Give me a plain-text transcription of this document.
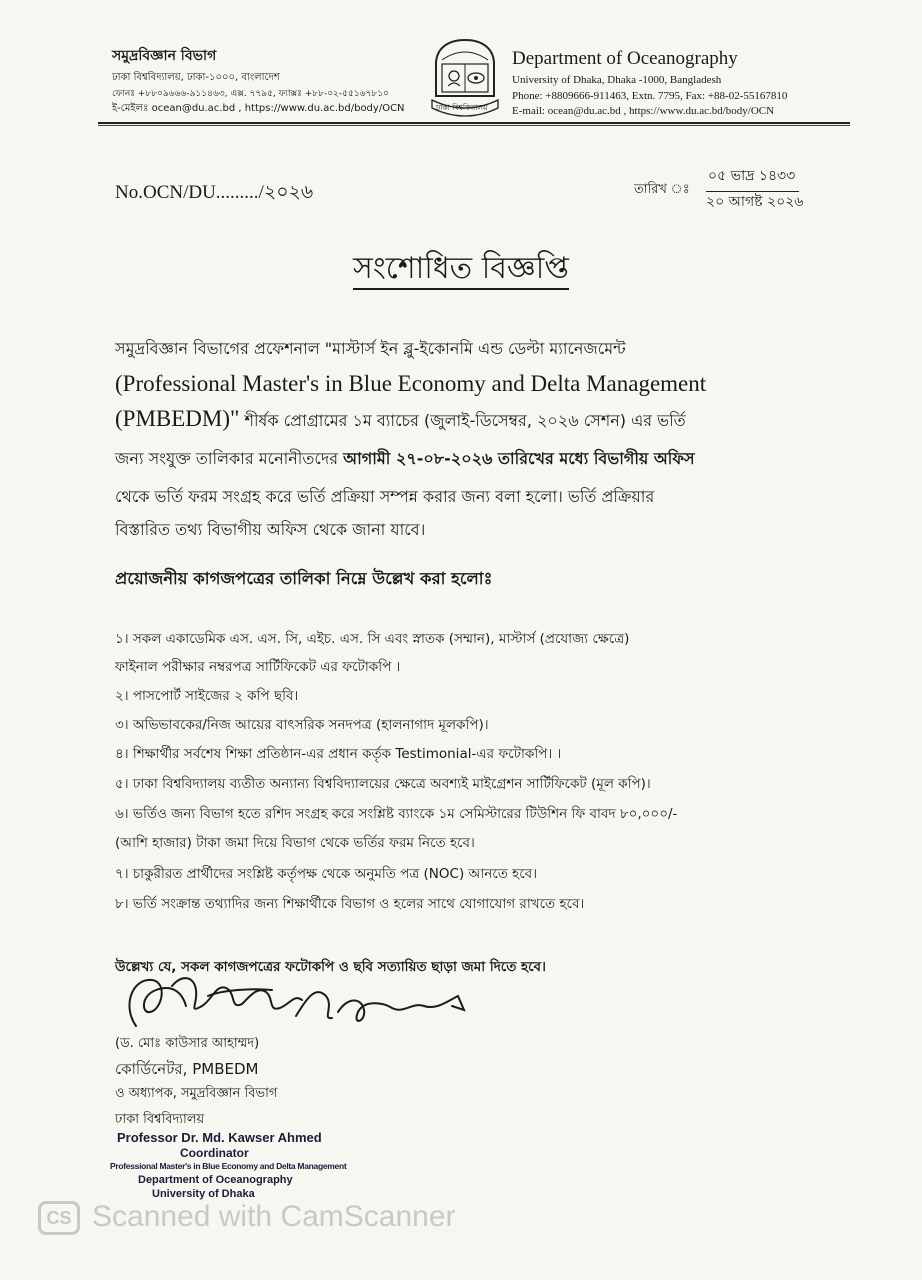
সমুদ্রবিজ্ঞান বিভাগ
ঢাকা বিশ্ববিদ্যালয়, ঢাকা-১০০০, বাংলাদেশ
ফোনঃ +৮৮০৯৬৬৬-৯১১৪৬৩, এক্স. ৭৭৯৫, ফ্যাক্সঃ +৮৮-০২-৫৫১৬৭৮১০
ই-মেইলঃ ocean@du.ac.bd , https://www.du.ac.bd/body/OCN	ঢাকা বিশ্ববিদ্যালয়
Department of Oceanography
University of Dhaka, Dhaka -1000, Bangladesh
Phone: +8809666-911463, Extn. 7795, Fax: +88-02-55167810
E-mail: ocean@du.ac.bd , https://www.du.ac.bd/body/OCN
No.OCN/DU........./২০২৬	তারিখ ঃ
০৫ ভাদ্র ১৪৩৩
২০ আগষ্ট ২০২৬
সংশোধিত বিজ্ঞপ্তি
সমুদ্রবিজ্ঞান বিভাগের প্রফেশনাল "মাস্টার্স ইন ব্লু-ইকোনমি এন্ড ডেল্টা ম্যানেজমেন্ট
(Professional Master's in Blue Economy and Delta Management
(PMBEDM)" শীর্ষক প্রোগ্রামের ১ম ব্যাচের (জুলাই-ডিসেম্বর, ২০২৬ সেশন) এর ভর্তি
জন্য সংযুক্ত তালিকার মনোনীতদের আগামী ২৭-০৮-২০২৬ তারিখের মধ্যে বিভাগীয় অফিস
থেকে ভর্তি ফরম সংগ্রহ করে ভর্তি প্রক্রিয়া সম্পন্ন করার জন্য বলা হলো। ভর্তি প্রক্রিয়ার
বিস্তারিত তথ্য বিভাগীয় অফিস থেকে জানা যাবে।
প্রয়োজনীয় কাগজপত্রের তালিকা নিম্নে উল্লেখ করা হলোঃ
১। সকল একাডেমিক এস. এস. সি, এইচ. এস. সি এবং স্নাতক (সম্মান), মাস্টার্স (প্রযোজ্য ক্ষেত্রে)
ফাইনাল পরীক্ষার নম্বরপত্র সার্টিফিকেট এর ফটোকপি ।
২। পাসপোর্ট সাইজের ২ কপি ছবি।
৩। অভিভাবকের/নিজ আয়ের বাৎসরিক সনদপত্র (হালনাগাদ মূলকপি)।
৪। শিক্ষার্থীর সর্বশেষ শিক্ষা প্রতিষ্ঠান-এর প্রধান কর্তৃক Testimonial-এর ফটোকপি। ।
৫। ঢাকা বিশ্ববিদ্যালয় ব্যতীত অন্যান্য বিশ্ববিদ্যালয়ের ক্ষেত্রে অবশ্যই মাইগ্রেশন সার্টিফিকেট (মূল কপি)।
৬। ভর্তিও জন্য বিভাগ হতে রশিদ সংগ্রহ করে সংশ্লিষ্ট ব্যাংকে ১ম সেমিস্টারের টিউশিন ফি বাবদ ৮০,০০০/-
(আশি হাজার) টাকা জমা দিয়ে বিভাগ থেকে ভর্তির ফরম নিতে হবে।
৭। চাকুরীরত প্রার্থীদের সংশ্লিষ্ট কর্তৃপক্ষ থেকে অনুমতি পত্র (NOC) আনতে হবে।
৮। ভর্তি সংক্রান্ত তথ্যাদির জন্য শিক্ষার্থীকে বিভাগ ও হলের সাথে যোগাযোগ রাখতে হবে।
উল্লেখ্য যে, সকল কাগজপত্রের ফটোকপি ও ছবি সত্যায়িত ছাড়া জমা দিতে হবে।
(ড. মোঃ কাউসার আহাম্মদ)
কোর্ডিনেটর, PMBEDM
ও অধ্যাপক, সমুদ্রবিজ্ঞান বিভাগ
ঢাকা বিশ্ববিদ্যালয়
Professor Dr. Md. Kawser Ahmed
Coordinator
Professional Master's in Blue Economy and Delta Management
Department of Oceanography
University of Dhaka
CS Scanned with CamScanner
